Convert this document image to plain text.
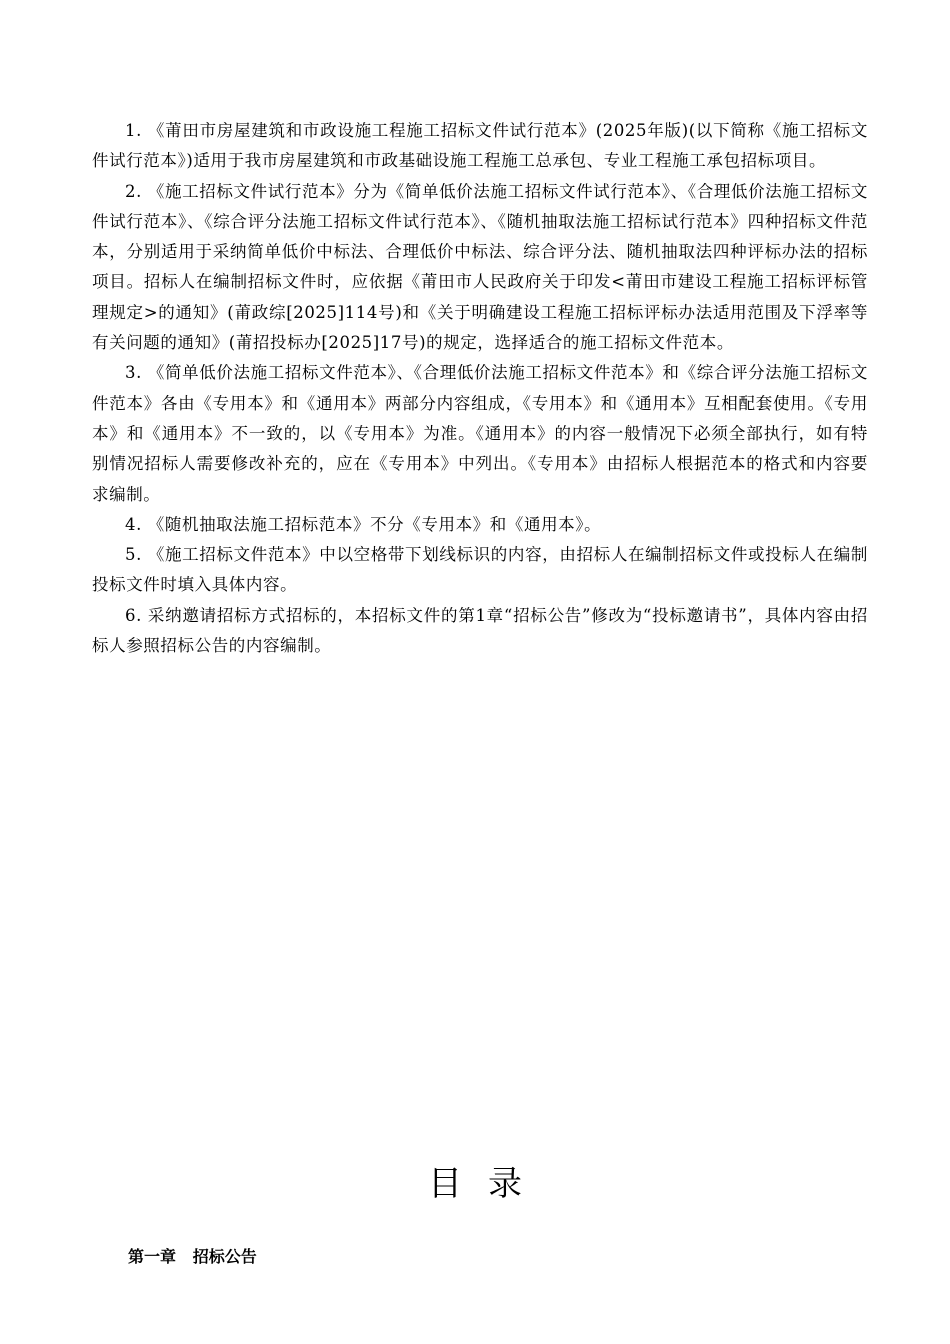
1. 《莆田市房屋建筑和市政设施工程施工招标文件试行范本》(2025年版)(以下简称《施工招标文件试行范本》)适用于我市房屋建筑和市政基础设施工程施工总承包、专业工程施工承包招标项目。

2. 《施工招标文件试行范本》分为《简单低价法施工招标文件试行范本》、《合理低价法施工招标文件试行范本》、《综合评分法施工招标文件试行范本》、《随机抽取法施工招标试行范本》四种招标文件范本，分别适用于采纳简单低价中标法、合理低价中标法、综合评分法、随机抽取法四种评标办法的招标项目。招标人在编制招标文件时，应依据《莆田市人民政府关于印发<莆田市建设工程施工招标评标管理规定>的通知》(莆政综[2025]114号)和《关于明确建设工程施工招标评标办法适用范围及下浮率等有关问题的通知》(莆招投标办[2025]17号)的规定，选择适合的施工招标文件范本。

3. 《简单低价法施工招标文件范本》、《合理低价法施工招标文件范本》和《综合评分法施工招标文件范本》各由《专用本》和《通用本》两部分内容组成，《专用本》和《通用本》互相配套使用。《专用本》和《通用本》不一致的，以《专用本》为准。《通用本》的内容一般情况下必须全部执行，如有特别情况招标人需要修改补充的，应在《专用本》中列出。《专用本》由招标人根据范本的格式和内容要求编制。

4. 《随机抽取法施工招标范本》不分《专用本》和《通用本》。

5. 《施工招标文件范本》中以空格带下划线标识的内容，由招标人在编制招标文件或投标人在编制投标文件时填入具体内容。

6. 采纳邀请招标方式招标的，本招标文件的第1章“招标公告”修改为“投标邀请书”，具体内容由招标人参照招标公告的内容编制。

目录
第一章   招标公告
